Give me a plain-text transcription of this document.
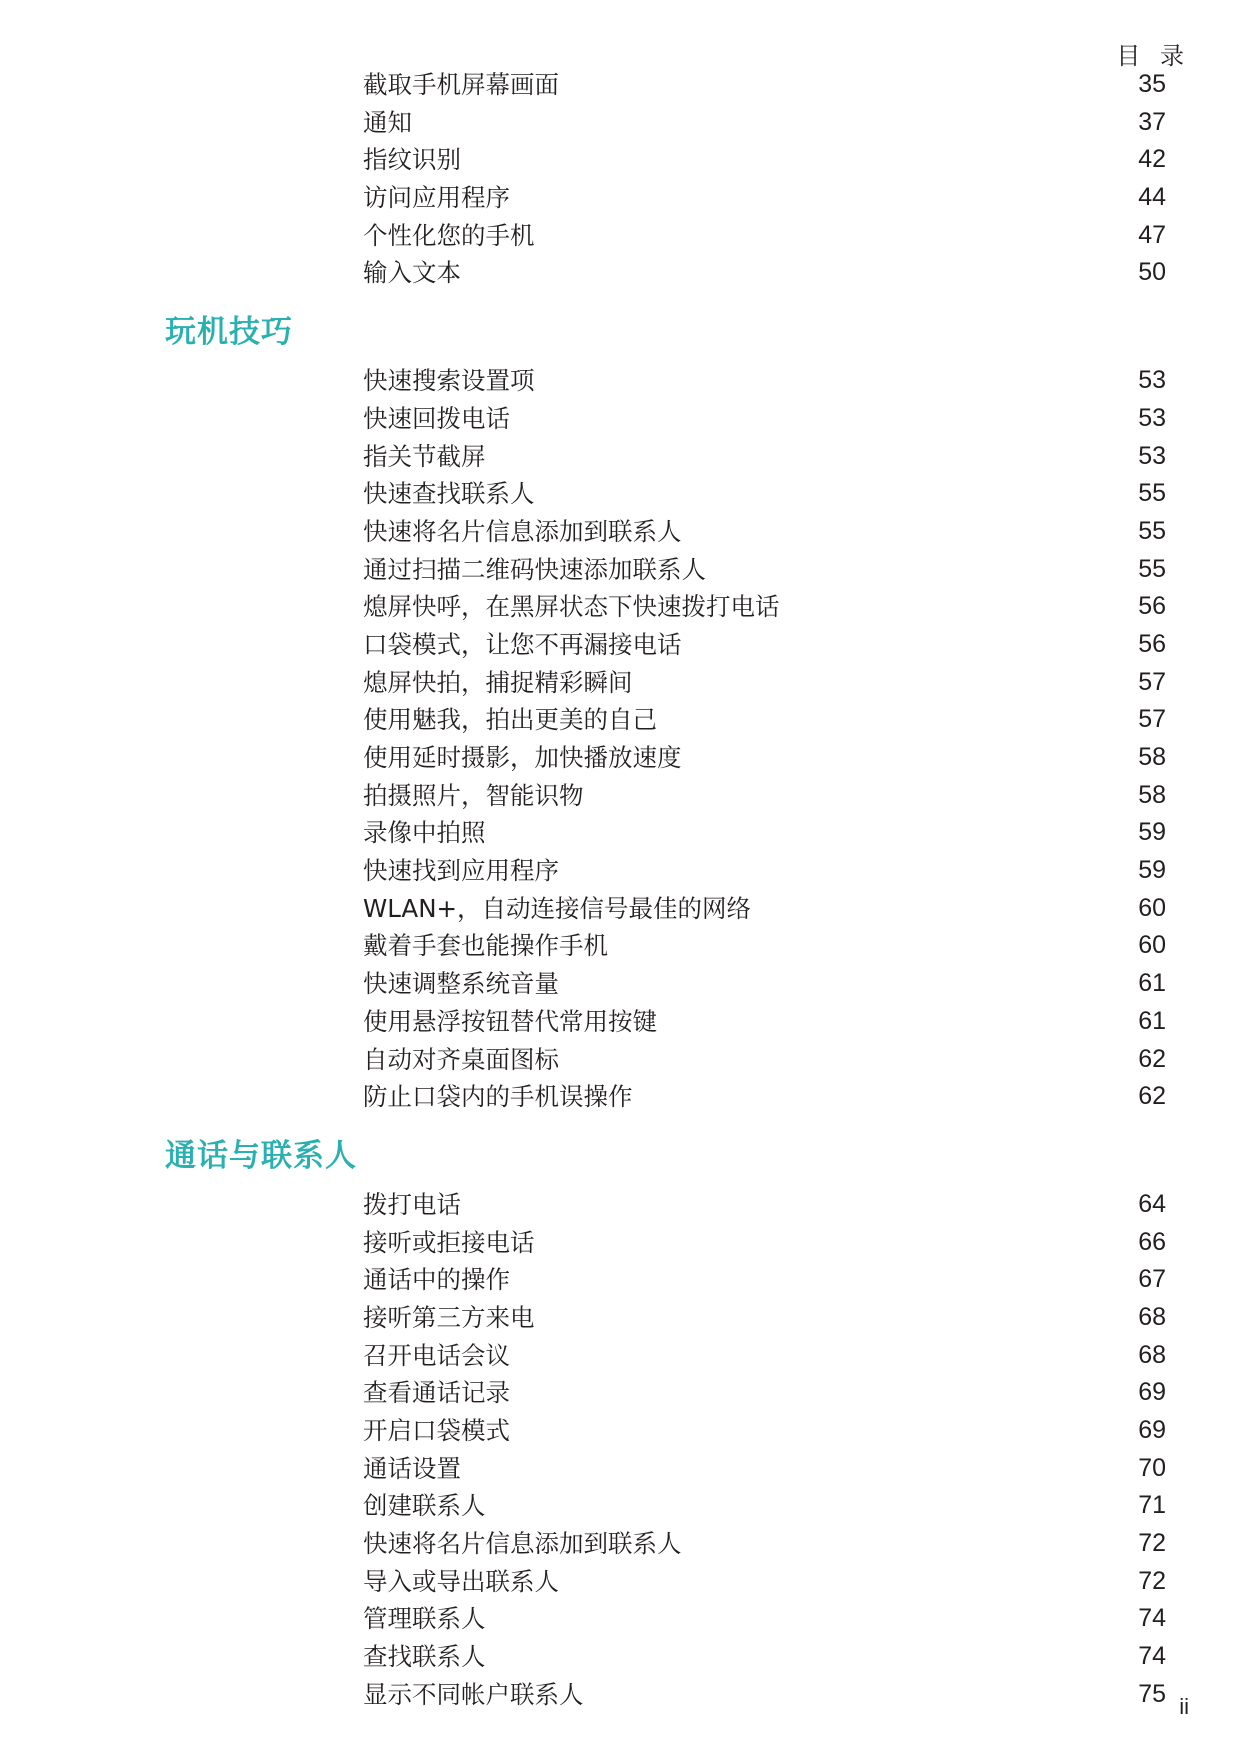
目 录
截取手机屏幕画面	35
通知	37
指纹识别	42
访问应用程序	44
个性化您的手机	47
输入文本	50
玩机技巧
快速搜索设置项	53
快速回拨电话	53
指关节截屏	53
快速查找联系人	55
快速将名片信息添加到联系人	55
通过扫描二维码快速添加联系人	55
熄屏快呼，在黑屏状态下快速拨打电话	56
口袋模式，让您不再漏接电话	56
熄屏快拍，捕捉精彩瞬间	57
使用魅我，拍出更美的自己	57
使用延时摄影，加快播放速度	58
拍摄照片，智能识物	58
录像中拍照	59
快速找到应用程序	59
WLAN+，自动连接信号最佳的网络	60
戴着手套也能操作手机	60
快速调整系统音量	61
使用悬浮按钮替代常用按键	61
自动对齐桌面图标	62
防止口袋内的手机误操作	62
通话与联系人
拨打电话	64
接听或拒接电话	66
通话中的操作	67
接听第三方来电	68
召开电话会议	68
查看通话记录	69
开启口袋模式	69
通话设置	70
创建联系人	71
快速将名片信息添加到联系人	72
导入或导出联系人	72
管理联系人	74
查找联系人	74
显示不同帐户联系人	75 ii
